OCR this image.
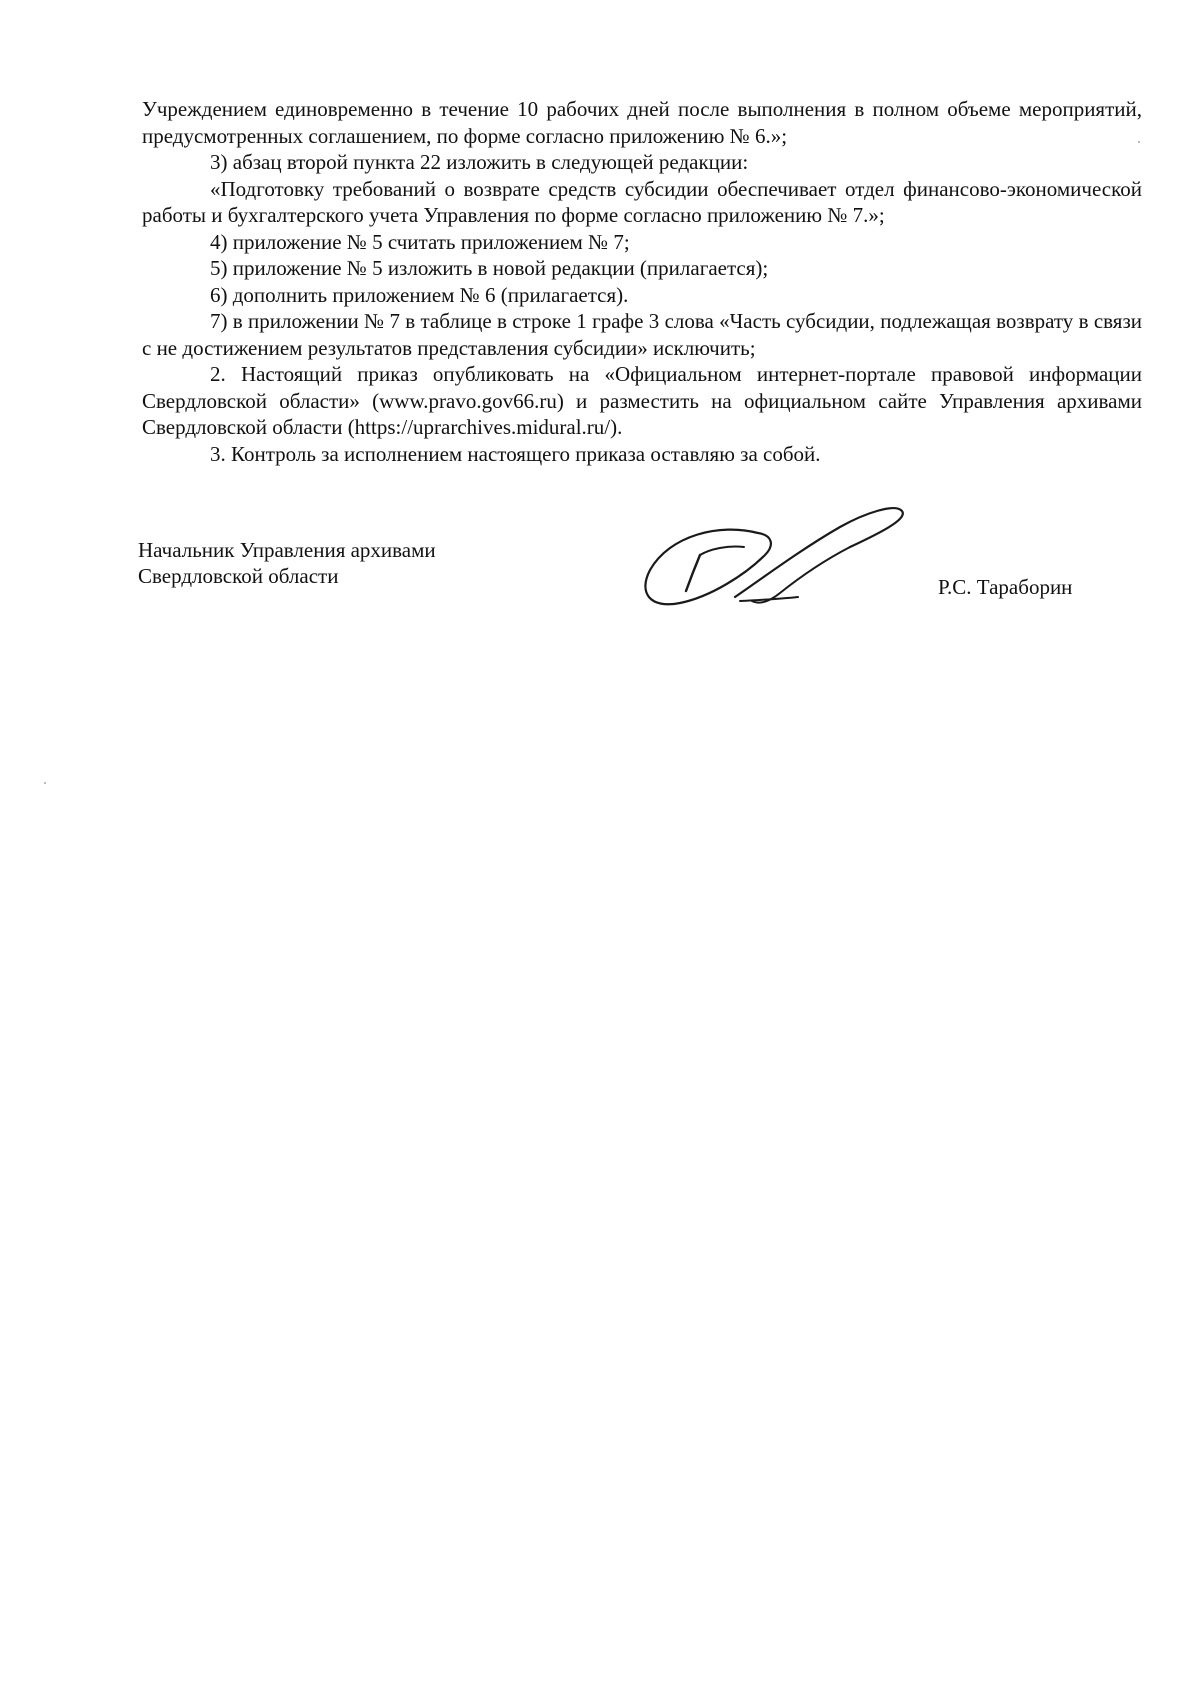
Учреждением единовременно в течение 10 рабочих дней после выполнения в полном объеме мероприятий, предусмотренных соглашением, по форме согласно приложению № 6.»;

3) абзац второй пункта 22 изложить в следующей редакции:

«Подготовку требований о возврате средств субсидии обеспечивает отдел финансово-экономической работы и бухгалтерского учета Управления по форме согласно приложению № 7.»;

4) приложение № 5 считать приложением № 7;

5) приложение № 5 изложить в новой редакции (прилагается);

6) дополнить приложением № 6 (прилагается).

7) в приложении № 7 в таблице в строке 1 графе 3 слова «Часть субсидии, подлежащая возврату в связи с не достижением результатов представления субсидии» исключить;

2. Настоящий приказ опубликовать на «Официальном интернет-портале правовой информации Свердловской области» (www.pravo.gov66.ru) и разместить на официальном сайте Управления архивами Свердловской области (https://uprarchives.midural.ru/).

3. Контроль за исполнением настоящего приказа оставляю за собой.

Начальник Управления архивами

Свердловской области	Р.С. Тараборин
